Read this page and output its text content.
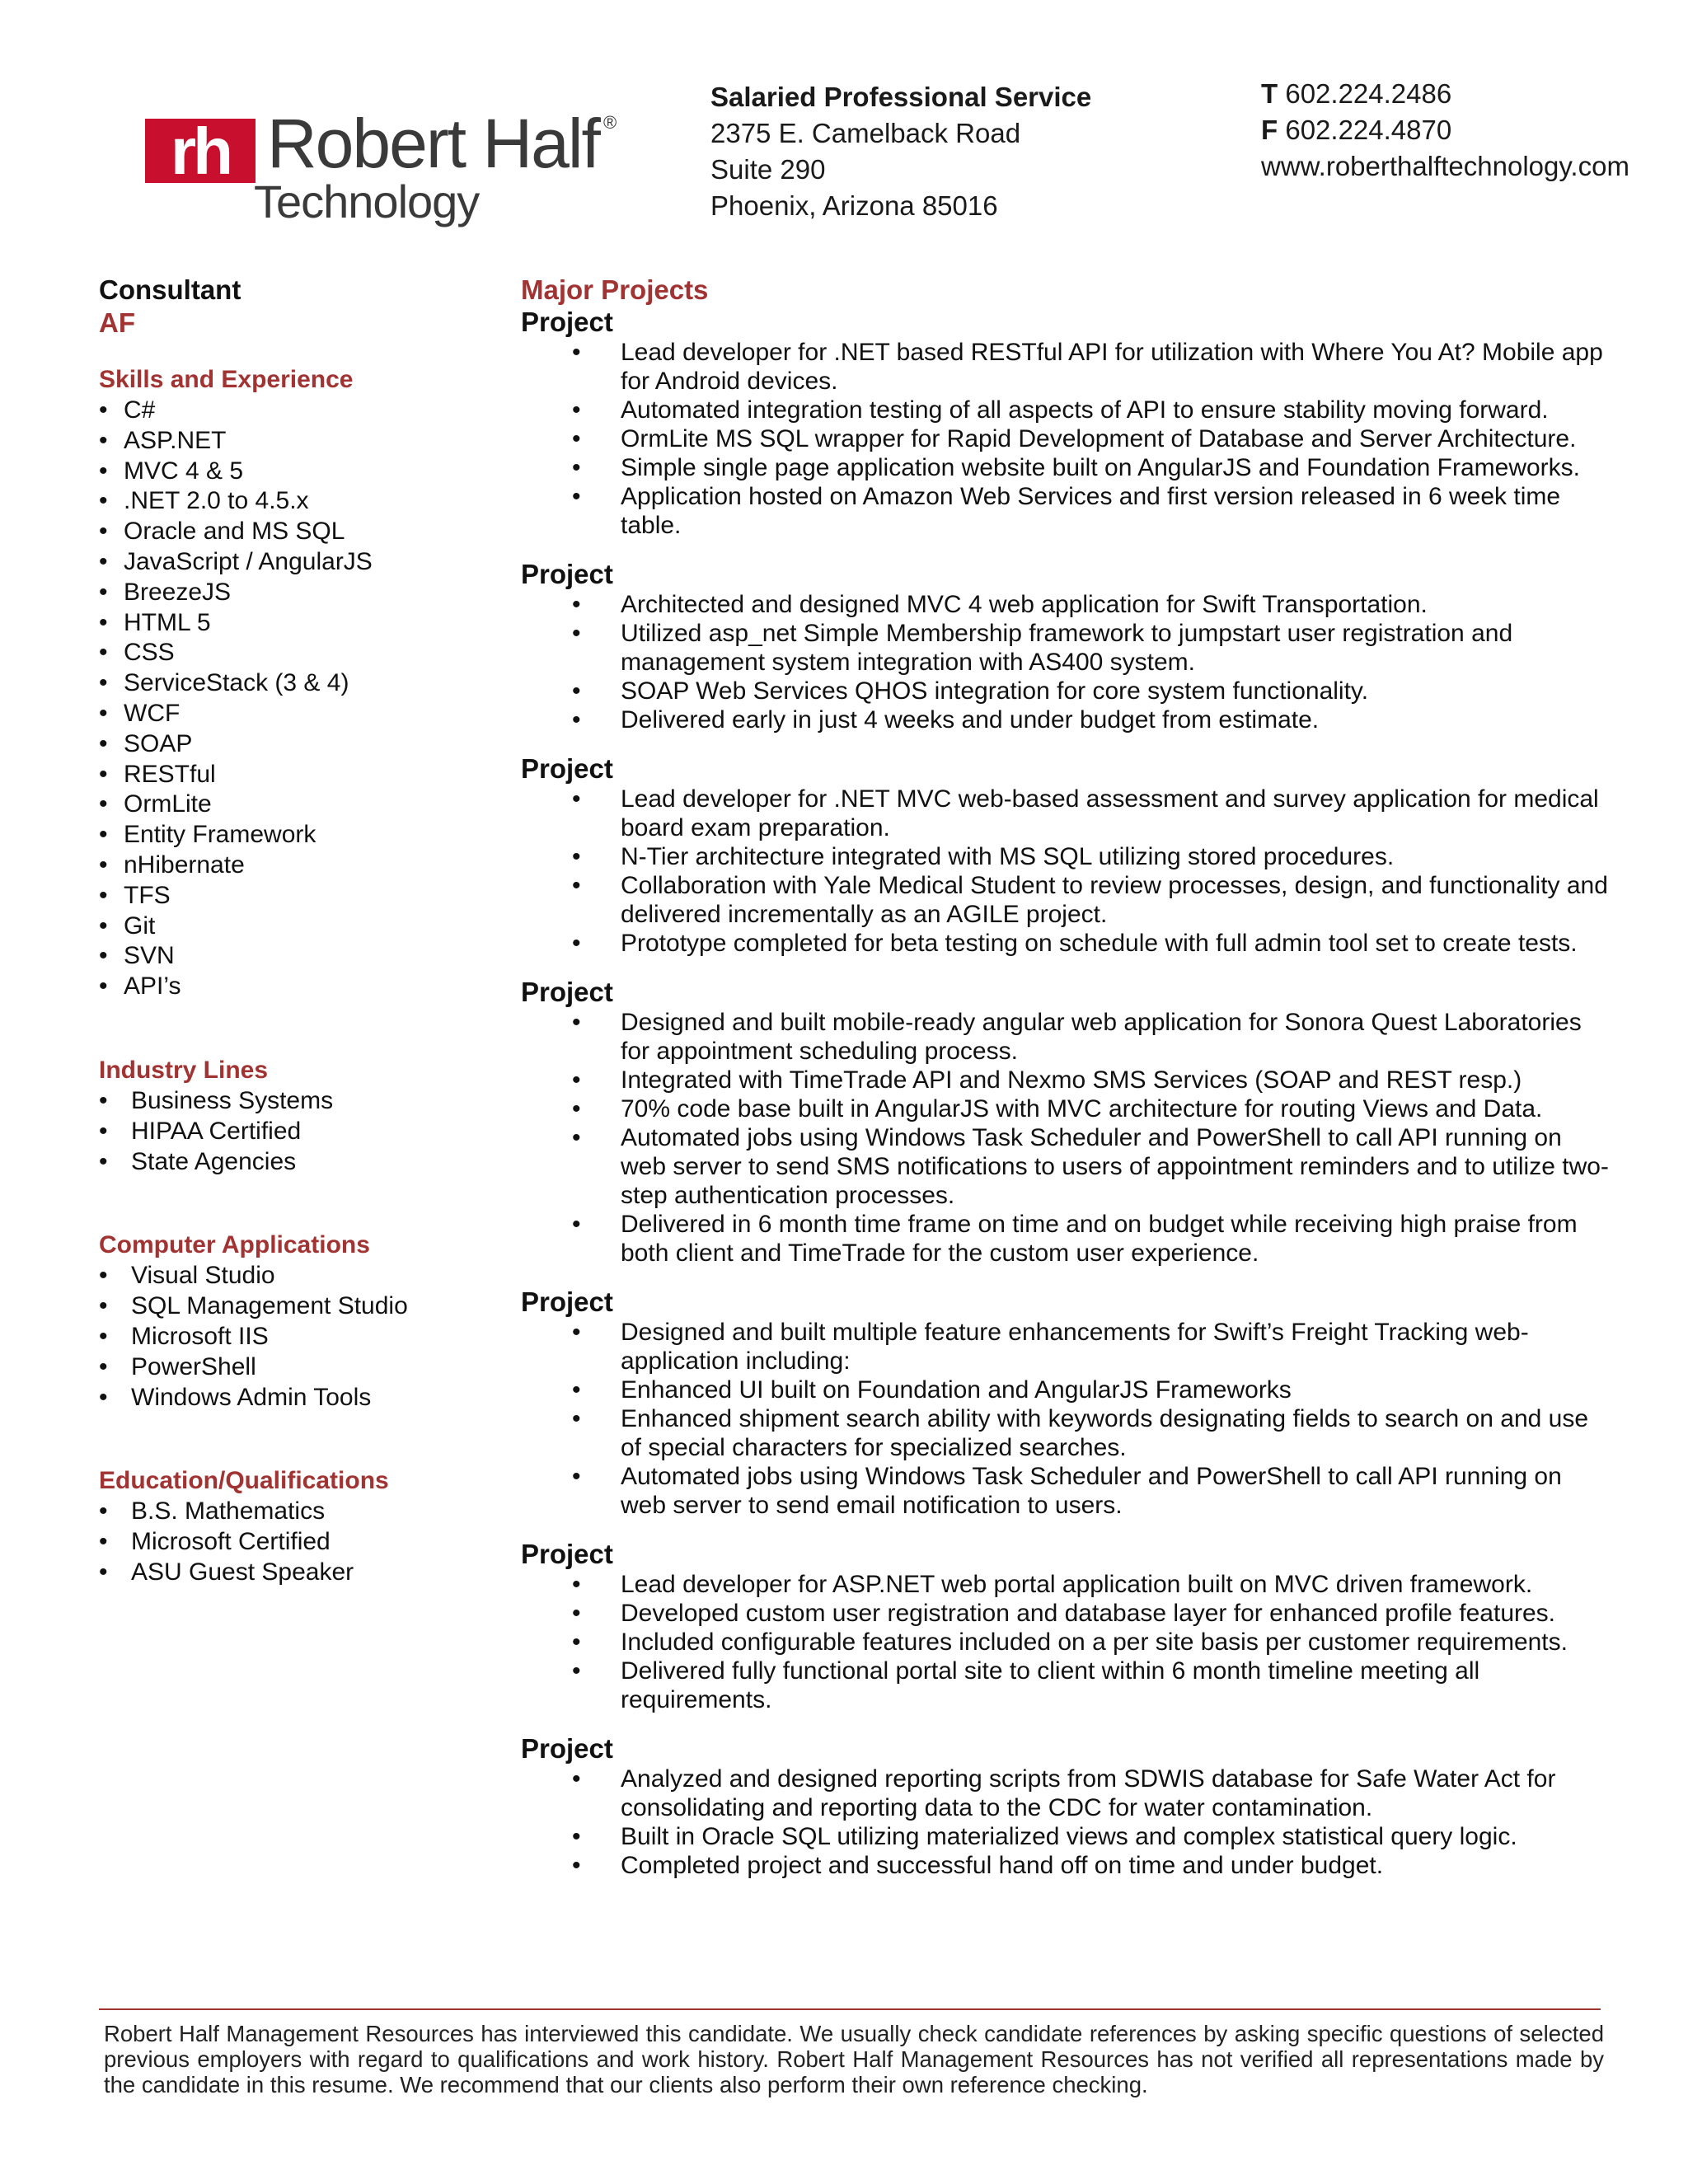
rh Robert Half ®
Technology
Salaried Professional Service
2375 E. Camelback Road
Suite 290
Phoenix, Arizona 85016
T 602.224.2486
F 602.224.4870
www.roberthalftechnology.com
Consultant
AF
Skills and Experience
• C#
• ASP.NET
• MVC 4 & 5
• .NET 2.0 to 4.5.x
• Oracle and MS SQL
• JavaScript / AngularJS
• BreezeJS
• HTML 5
• CSS
• ServiceStack (3 & 4)
• WCF
• SOAP
• RESTful
• OrmLite
• Entity Framework
• nHibernate
• TFS
• Git
• SVN
• API’s
Industry Lines
• Business Systems
• HIPAA Certified
• State Agencies
Computer Applications
• Visual Studio
• SQL Management Studio
• Microsoft IIS
• PowerShell
• Windows Admin Tools
Education/Qualifications
• B.S. Mathematics
• Microsoft Certified
• ASU Guest Speaker
Major Projects
Project
• Lead developer for .NET based RESTful API for utilization with Where You At? Mobile app for Android devices.
• Automated integration testing of all aspects of API to ensure stability moving forward.
• OrmLite MS SQL wrapper for Rapid Development of Database and Server Architecture.
• Simple single page application website built on AngularJS and Foundation Frameworks.
• Application hosted on Amazon Web Services and first version released in 6 week time table.
Project
• Architected and designed MVC 4 web application for Swift Transportation.
• Utilized asp_net Simple Membership framework to jumpstart user registration and management system integration with AS400 system.
• SOAP Web Services QHOS integration for core system functionality.
• Delivered early in just 4 weeks and under budget from estimate.
Project
• Lead developer for .NET MVC web-based assessment and survey application for medical board exam preparation.
• N-Tier architecture integrated with MS SQL utilizing stored procedures.
• Collaboration with Yale Medical Student to review processes, design, and functionality and delivered incrementally as an AGILE project.
• Prototype completed for beta testing on schedule with full admin tool set to create tests.
Project
• Designed and built mobile-ready angular web application for Sonora Quest Laboratories for appointment scheduling process.
• Integrated with TimeTrade API and Nexmo SMS Services (SOAP and REST resp.)
• 70% code base built in AngularJS with MVC architecture for routing Views and Data.
• Automated jobs using Windows Task Scheduler and PowerShell to call API running on web server to send SMS notifications to users of appointment reminders and to utilize two-step authentication processes.
• Delivered in 6 month time frame on time and on budget while receiving high praise from both client and TimeTrade for the custom user experience.
Project
• Designed and built multiple feature enhancements for Swift’s Freight Tracking web-application including:
• Enhanced UI built on Foundation and AngularJS Frameworks
• Enhanced shipment search ability with keywords designating fields to search on and use of special characters for specialized searches.
• Automated jobs using Windows Task Scheduler and PowerShell to call API running on web server to send email notification to users.
Project
• Lead developer for ASP.NET web portal application built on MVC driven framework.
• Developed custom user registration and database layer for enhanced profile features.
• Included configurable features included on a per site basis per customer requirements.
• Delivered fully functional portal site to client within 6 month timeline meeting all requirements.
Project
• Analyzed and designed reporting scripts from SDWIS database for Safe Water Act for consolidating and reporting data to the CDC for water contamination.
• Built in Oracle SQL utilizing materialized views and complex statistical query logic.
• Completed project and successful hand off on time and under budget.
Robert Half Management Resources has interviewed this candidate. We usually check candidate references by asking specific questions of selected previous employers with regard to qualifications and work history. Robert Half Management Resources has not verified all representations made by the candidate in this resume. We recommend that our clients also perform their own reference checking.
